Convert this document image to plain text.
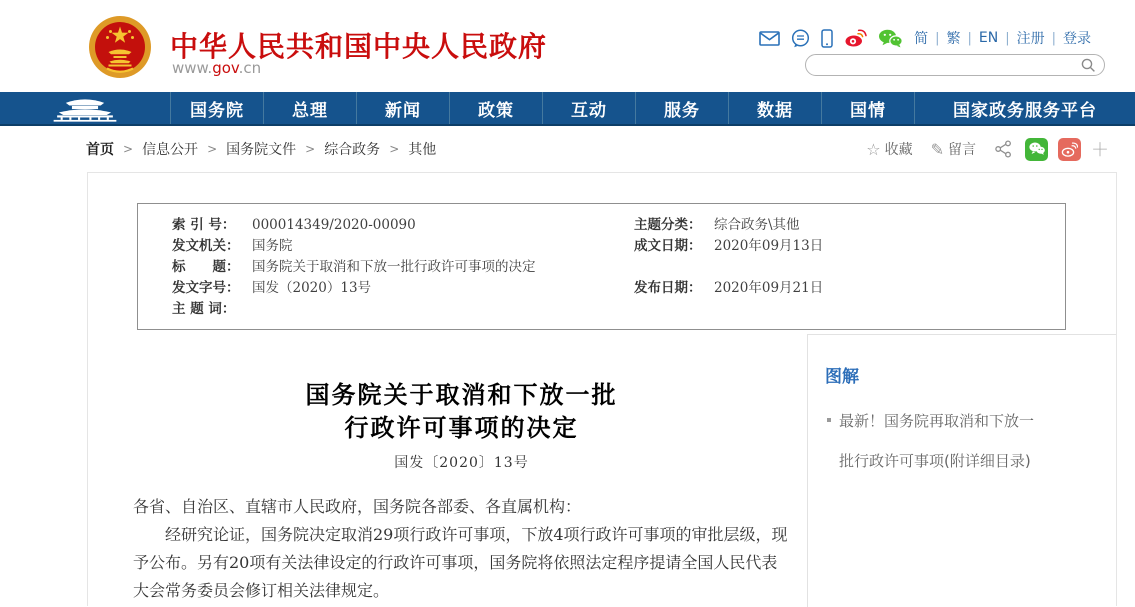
中华人民共和国中央人民政府
www.gov.cn
简 | 繁 | EN | 注册 | 登录
国务院	总理	新闻	政策	互动	服务	数据	国情	国家政务服务平台
首页 > 信息公开 > 国务院文件 > 综合政务 > 其他	☆ 收藏 ✎ 留言	＋
索 引 号： 000014349/2020-00090	主题分类： 综合政务\其他
发文机关： 国务院	成文日期： 2020年09月13日
标　　题： 国务院关于取消和下放一批行政许可事项的决定
发文字号： 国发（2020）13号	发布日期： 2020年09月21日
主 题 词：
国务院关于取消和下放一批
行政许可事项的决定
国发〔2020〕13号

各省、自治区、直辖市人民政府，国务院各部委、各直属机构：

经研究论证，国务院决定取消29项行政许可事项，下放4项行政许可事项的审批层级，现予公布。另有20项有关法律设定的行政许可事项，国务院将依照法定程序提请全国人民代表大会常务委员会修订相关法律规定。

图解
最新！国务院再取消和下放一批行政许可事项(附详细目录)
